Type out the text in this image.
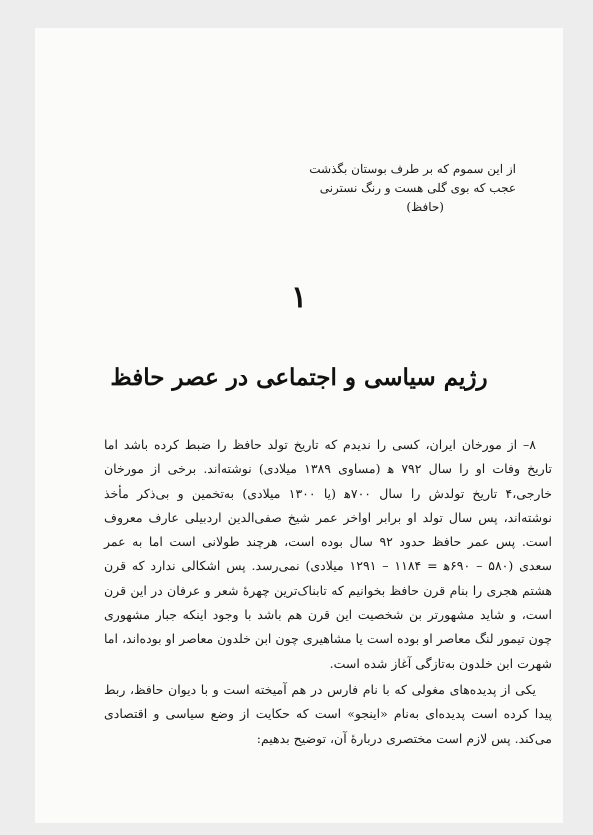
از این سموم که بر طرف بوستان بگذشت
عجب که بوی گلی هست و رنگ نسترنی
(حافظ)
۱
رژیم سیاسی و اجتماعی در عصر حافظ

۸– از مورخان ایران، کسی را ندیدم که تاریخ تولد حافظ را ضبط کرده باشد اما تاریخ وفات او را سال ۷۹۲ ﻫ (مساوی ۱۳۸۹ میلادی) نوشته‌اند. برخی از مورخان خارجی،۴ تاریخ تولدش را سال ۷۰۰ﻫ (یا ۱۳۰۰ میلادی) به‌تخمین و بی‌ذکر مأخذ نوشته‌اند، پس سال تولد او برابر اواخر عمر شیخ صفی‌الدین اردبیلی عارف معروف است. پس عمر حافظ حدود ۹۲ سال بوده است، هرچند طولانی است اما به عمر سعدی (۵۸۰ – ۶۹۰ﻫ = ۱۱۸۴ – ۱۲۹۱ میلادی) نمی‌رسد. پس اشکالی ندارد که قرن هشتم هجری را بنام قرن حافظ بخوانیم که تابناک‌ترین چهرهٔ شعر و عرفان در این قرن است، و شاید مشهورتر بن شخصیت این قرن هم باشد با وجود اینکه جبار مشهوری چون تیمور لنگ معاصر او بوده است یا مشاهیری چون ابن خلدون معاصر او بوده‌اند، اما شهرت ابن خلدون به‌تازگی آغاز شده است.

یکی از پدیده‌های مغولی که با نام فارس در هم آمیخته است و با دیوان حافظ، ربط پیدا کرده است پدیده‌ای به‌نام «اینجو» است که حکایت از وضع سیاسی و اقتصادی می‌کند. پس لازم است مختصری دربارهٔ آن، توضیح بدهیم:
